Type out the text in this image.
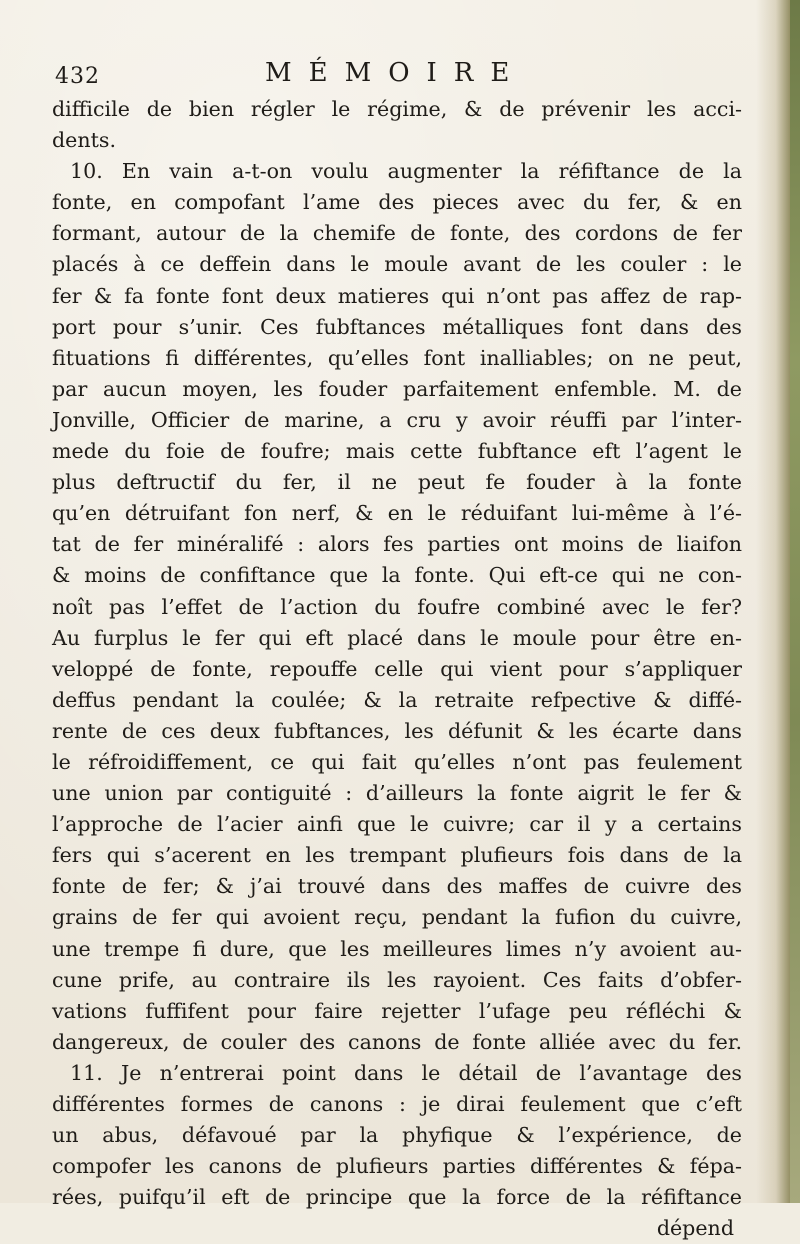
432	MÉMOIRE
difficile de bien régler le régime, & de prévenir les acci-
dents.
10. En vain a-t-on voulu augmenter la réfiftance de la
fonte, en compofant l’ame des pieces avec du fer, & en
formant, autour de la chemife de fonte, des cordons de fer
placés à ce deffein dans le moule avant de les couler : le
fer & fa fonte font deux matieres qui n’ont pas affez de rap-
port pour s’unir. Ces fubftances métalliques font dans des
fituations fi différentes, qu’elles font inalliables; on ne peut,
par aucun moyen, les fouder parfaitement enfemble. M. de
Jonville, Officier de marine, a cru y avoir réuffi par l’inter-
mede du foie de foufre; mais cette fubftance eft l’agent le
plus deftructif du fer, il ne peut fe fouder à la fonte
qu’en détruifant fon nerf, & en le réduifant lui-même à l’é-
tat de fer minéralifé : alors fes parties ont moins de liaifon
& moins de confiftance que la fonte. Qui eft-ce qui ne con-
noît pas l’effet de l’action du foufre combiné avec le fer?
Au furplus le fer qui eft placé dans le moule pour être en-
veloppé de fonte, repouffe celle qui vient pour s’appliquer
deffus pendant la coulée; & la retraite refpective & diffé-
rente de ces deux fubftances, les défunit & les écarte dans
le réfroidiffement, ce qui fait qu’elles n’ont pas feulement
une union par contiguité : d’ailleurs la fonte aigrit le fer &
l’approche de l’acier ainfi que le cuivre; car il y a certains
fers qui s’acerent en les trempant plufieurs fois dans de la
fonte de fer; & j’ai trouvé dans des maffes de cuivre des
grains de fer qui avoient reçu, pendant la fufion du cuivre,
une trempe fi dure, que les meilleures limes n’y avoient au-
cune prife, au contraire ils les rayoient. Ces faits d’obfer-
vations fuffifent pour faire rejetter l’ufage peu réfléchi &
dangereux, de couler des canons de fonte alliée avec du fer.
11. Je n’entrerai point dans le détail de l’avantage des
différentes formes de canons : je dirai feulement que c’eft
un abus, défavoué par la phyfique & l’expérience, de
compofer les canons de plufieurs parties différentes & fépa-
rées, puifqu’il eft de principe que la force de la réfiftance
dépend
